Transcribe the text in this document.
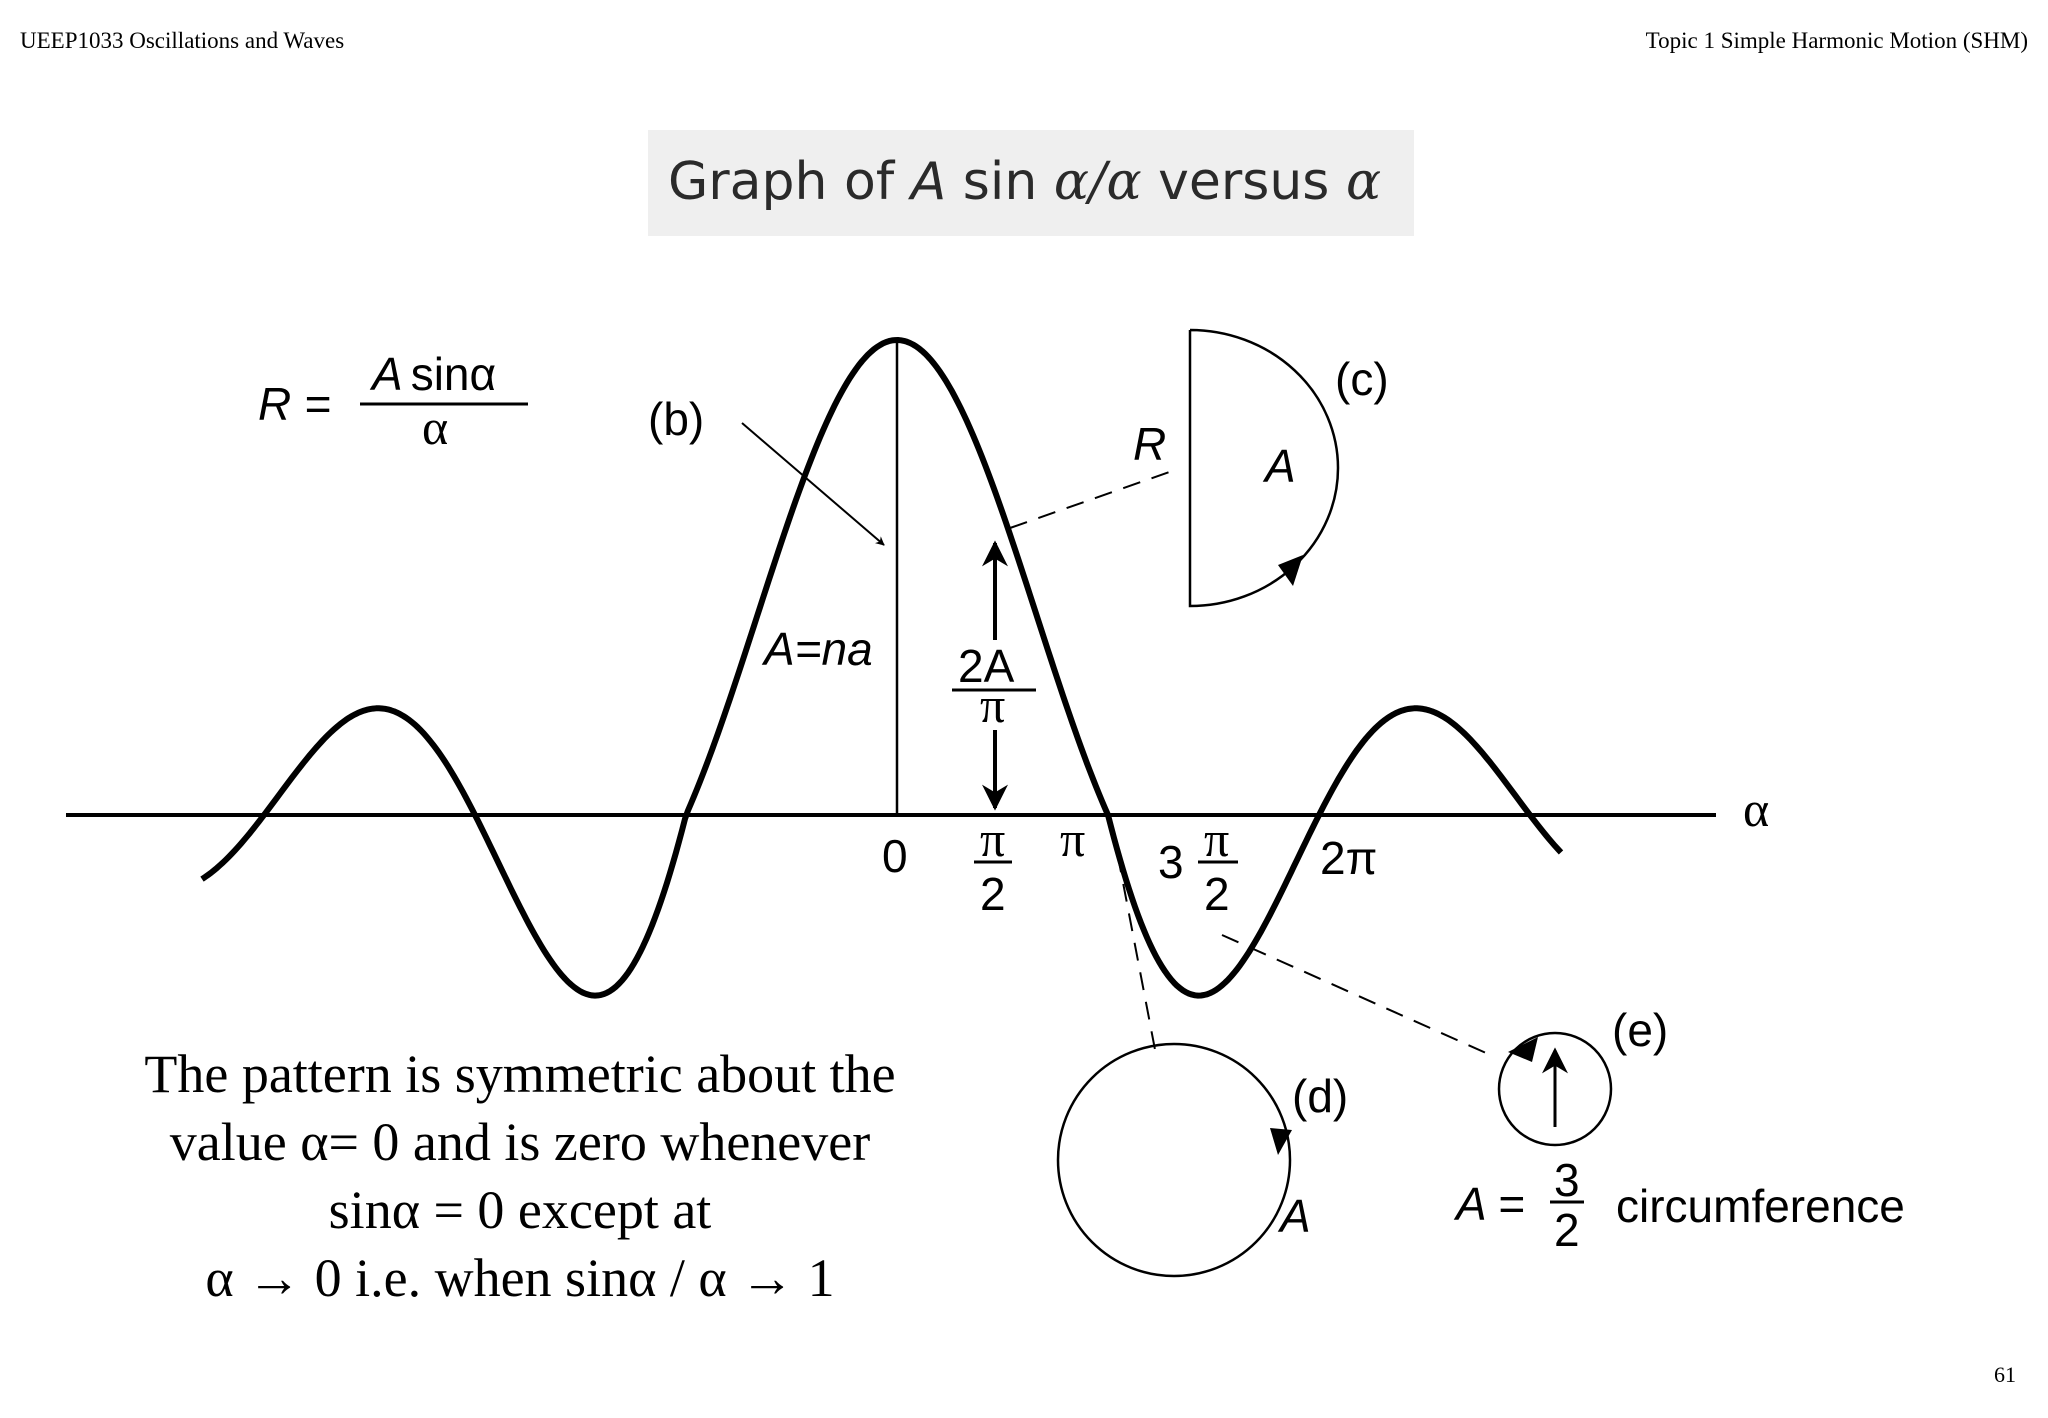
UEEP1033 Oscillations and Waves	Topic 1 Simple Harmonic Motion (SHM)
Graph of A sin α/α versus α
R =
A sinα
α	(b)
(c)
(d)
(e)
R A
A
A=na 2A
π
α
0 π
2
π 3 π
2
2π
A = 3
2 circumference
The pattern is symmetric about the
value α= 0 and is zero whenever
sinα = 0 except at
α → 0 i.e. when sinα / α → 1
61
